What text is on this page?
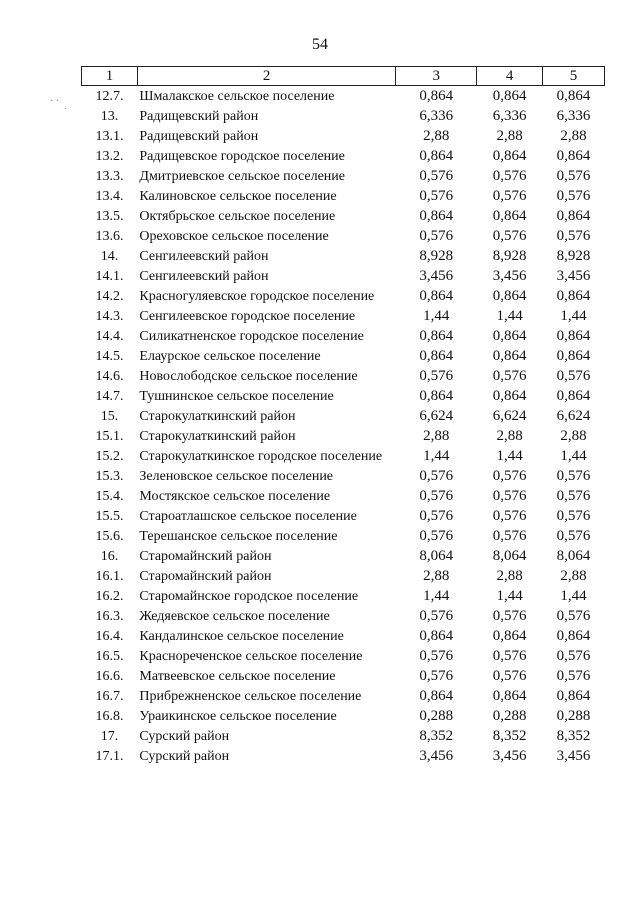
54
1	2	3	4	5
12.7.	Шмалакское сельское поселение	0,864	0,864	0,864
13.	Радищевский район	6,336	6,336	6,336
13.1.	Радищевский район	2,88	2,88	2,88
13.2.	Радищевское городское поселение	0,864	0,864	0,864
13.3.	Дмитриевское сельское поселение	0,576	0,576	0,576
13.4.	Калиновское сельское поселение	0,576	0,576	0,576
13.5.	Октябрьское сельское поселение	0,864	0,864	0,864
13.6.	Ореховское сельское поселение	0,576	0,576	0,576
14.	Сенгилеевский район	8,928	8,928	8,928
14.1.	Сенгилеевский район	3,456	3,456	3,456
14.2.	Красногуляевское городское поселение	0,864	0,864	0,864
14.3.	Сенгилеевское городское поселение	1,44	1,44	1,44
14.4.	Силикатненское городское поселение	0,864	0,864	0,864
14.5.	Елаурское сельское поселение	0,864	0,864	0,864
14.6.	Новослободское сельское поселение	0,576	0,576	0,576
14.7.	Тушнинское сельское поселение	0,864	0,864	0,864
15.	Старокулаткинский район	6,624	6,624	6,624
15.1.	Старокулаткинский район	2,88	2,88	2,88
15.2.	Старокулаткинское городское поселение	1,44	1,44	1,44
15.3.	Зеленовское сельское поселение	0,576	0,576	0,576
15.4.	Мостякское сельское поселение	0,576	0,576	0,576
15.5.	Староатлашское сельское поселение	0,576	0,576	0,576
15.6.	Терешанское сельское поселение	0,576	0,576	0,576
16.	Старомайнский район	8,064	8,064	8,064
16.1.	Старомайнский район	2,88	2,88	2,88
16.2.	Старомайнское городское поселение	1,44	1,44	1,44
16.3.	Жедяевское сельское поселение	0,576	0,576	0,576
16.4.	Кандалинское сельское поселение	0,864	0,864	0,864
16.5.	Краснореченское сельское поселение	0,576	0,576	0,576
16.6.	Матвеевское сельское поселение	0,576	0,576	0,576
16.7.	Прибрежненское сельское поселение	0,864	0,864	0,864
16.8.	Ураикинское сельское поселение	0,288	0,288	0,288
17.	Сурский район	8,352	8,352	8,352
17.1.	Сурский район	3,456	3,456	3,456
· ·
·
